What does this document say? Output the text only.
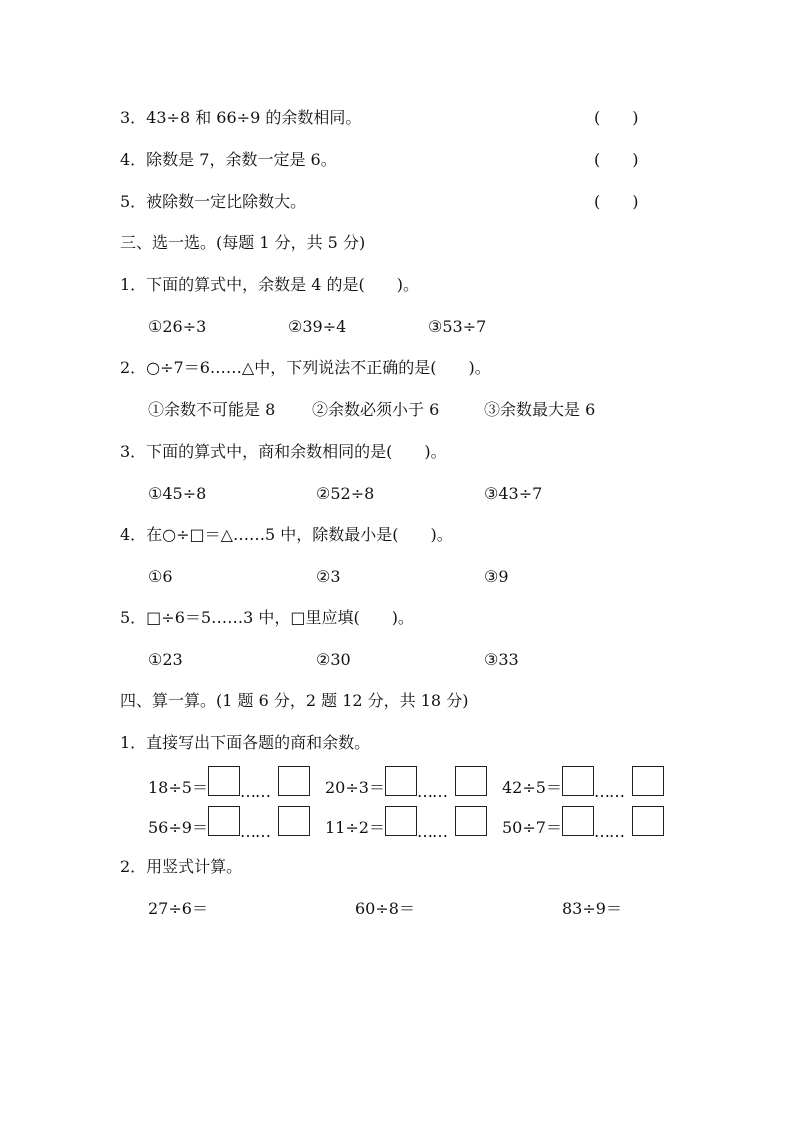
3．43÷8 和 66÷9 的余数相同。	(　　)
4．除数是 7，余数一定是 6。	(　　)
5．被除数一定比除数大。	(　　)
三、选一选。(每题 1 分，共 5 分)
1．下面的算式中，余数是 4 的是(　　)。
①26÷3	②39÷4	③53÷7
2．○÷7＝6……△中，下列说法不正确的是(　　)。
①余数不可能是 8 ②余数必须小于 6	③余数最大是 6
3．下面的算式中，商和余数相同的是(　　)。
①45÷8	②52÷8	③43÷7
4．在○÷□＝△……5 中，除数最小是(　　)。
①6	②3	③9
5．□÷6＝5……3 中，□里应填(　　)。
①23	②30	③33
四、算一算。(1 题 6 分，2 题 12 分，共 18 分)
1．直接写出下面各题的商和余数。
18÷5＝ ……	20÷3＝ ……	42÷5＝ ……
56÷9＝ ……	11÷2＝ ……	50÷7＝ ……
2．用竖式计算。
27÷6＝	60÷8＝	83÷9＝
